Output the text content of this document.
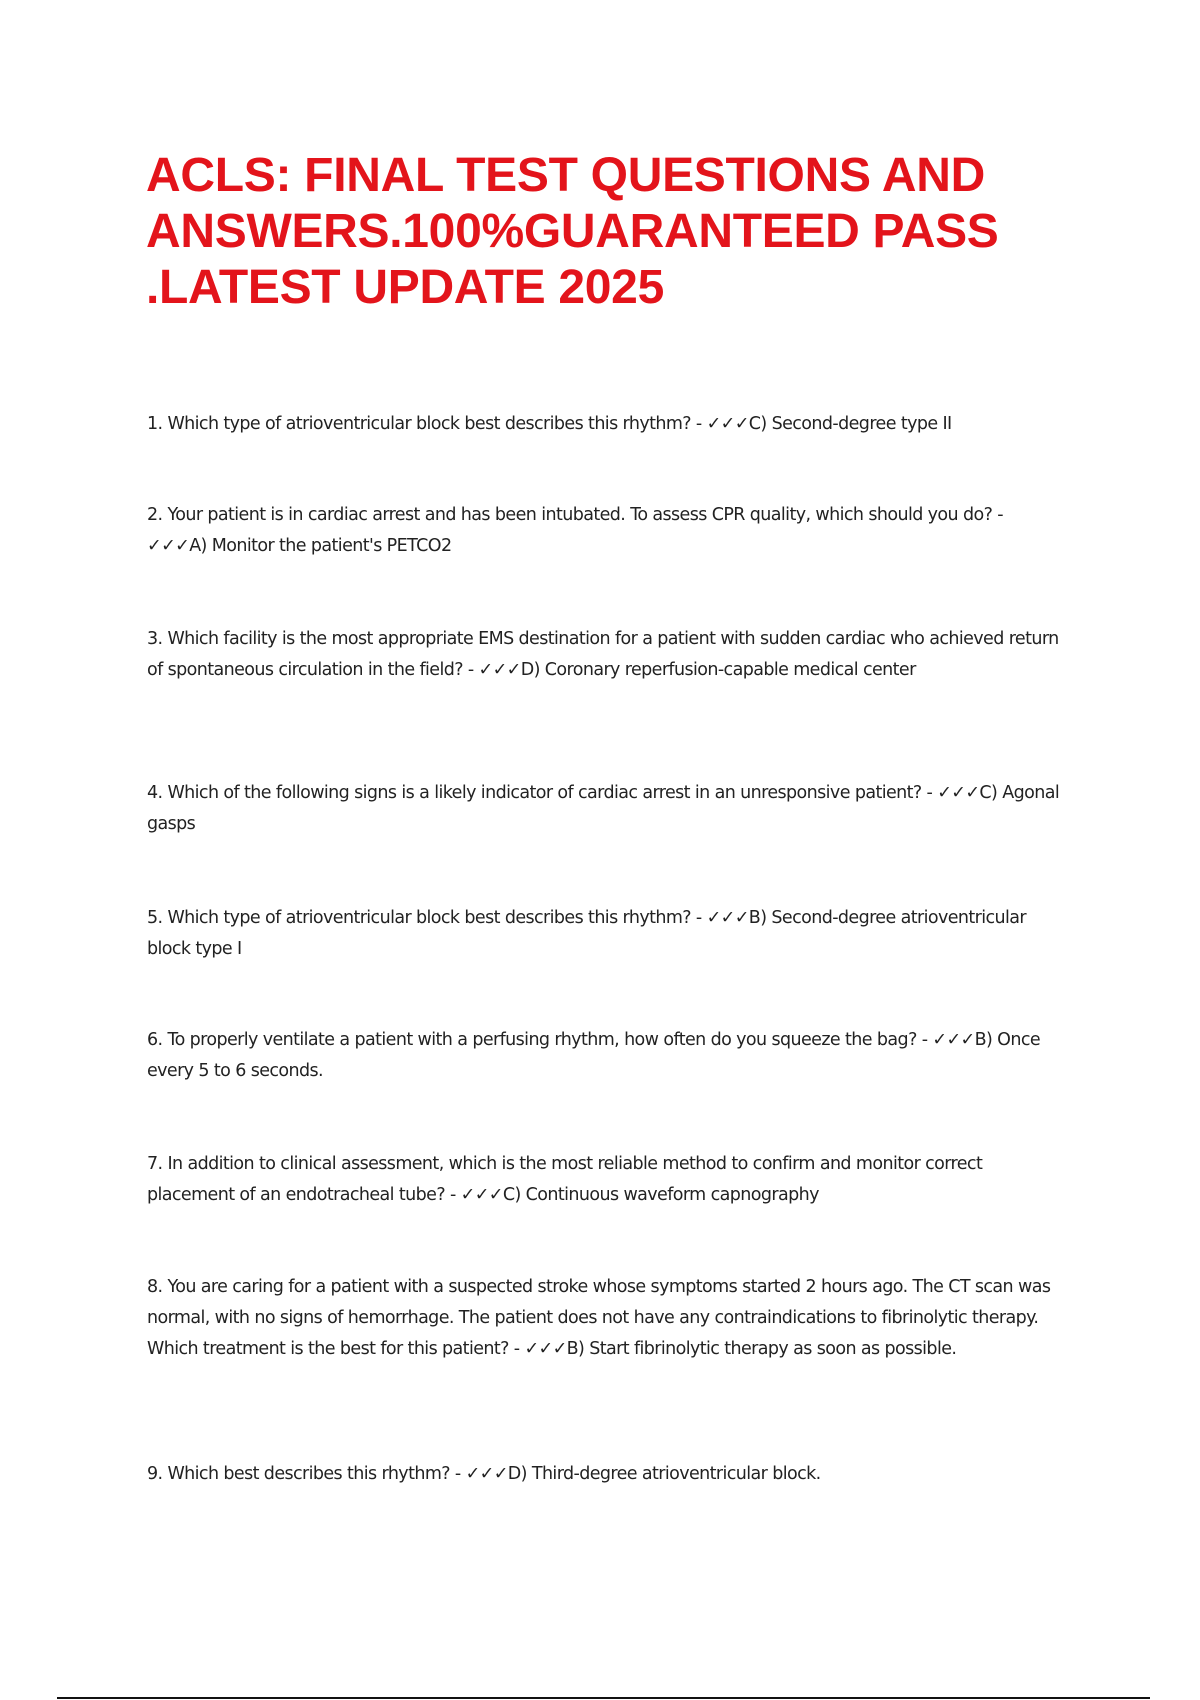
ACLS: FINAL TEST QUESTIONS AND ANSWERS.100%GUARANTEED PASS .LATEST UPDATE 2025

1. Which type of atrioventricular block best describes this rhythm? - ✓✓✓C) Second-degree type II

2. Your patient is in cardiac arrest and has been intubated. To assess CPR quality, which should you do? - ✓✓✓A) Monitor the patient's PETCO2

3. Which facility is the most appropriate EMS destination for a patient with sudden cardiac who achieved return of spontaneous circulation in the field? - ✓✓✓D) Coronary reperfusion-capable medical center

4. Which of the following signs is a likely indicator of cardiac arrest in an unresponsive patient? - ✓✓✓C) Agonal gasps

5. Which type of atrioventricular block best describes this rhythm? - ✓✓✓B) Second-degree atrioventricular block type I

6. To properly ventilate a patient with a perfusing rhythm, how often do you squeeze the bag? - ✓✓✓B) Once every 5 to 6 seconds.

7. In addition to clinical assessment, which is the most reliable method to confirm and monitor correct placement of an endotracheal tube? - ✓✓✓C) Continuous waveform capnography

8. You are caring for a patient with a suspected stroke whose symptoms started 2 hours ago. The CT scan was normal, with no signs of hemorrhage. The patient does not have any contraindications to fibrinolytic therapy. Which treatment is the best for this patient? - ✓✓✓B) Start fibrinolytic therapy as soon as possible.

9. Which best describes this rhythm? - ✓✓✓D) Third-degree atrioventricular block.
